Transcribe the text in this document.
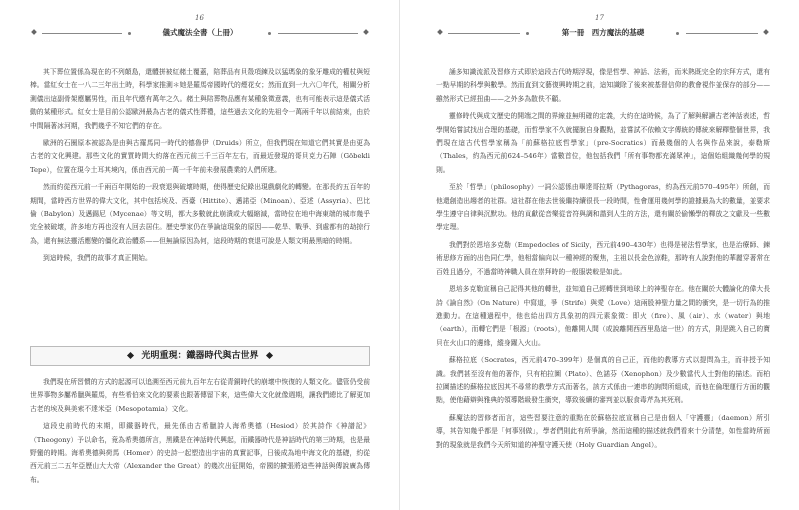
16
儀式魔法全書（上冊）

其下葬位置係為現在的不列顛島，還體拼被紅赭土覆蓋，陪葬品有貝殼項鍊及以猛瑪象的象牙雕成的權杖與短棒。當紅女士在一八二三年出土時，科學家推測＊她是羅馬帝國時代的煙花女；然而直到一九六〇年代，相關分析測儀出這副骨架應屬男性，而且年代應有萬年之久。赭土與陪葬物品應有某種象徵意義，也有可能表示這是儀式活動的某種形式。紅女士是目前公認歐洲最為古老的儀式性葬禮，這些過去文化的先祖令一萬兩千年以前結束，由於中間隔著冰河期，我們幾乎不知它們的存在。

歐洲的石圈原本被認為是由與古羅馬同一時代的德魯伊（Druids）所立，但我們現在知道它們其實是由更為古老的文化興建。那些文化的實質時間大約落在西元前三千三百年左右，而最近發現的哥貝克力石陣（Göbekli Tepe），位置在現今土耳其境內，係由西元前一萬一千年前未發展農業的人們所建。

然而約從西元前一千兩百年開始的一段衰退與破壞時期，使得歷史紀錄出現戲劇化的轉變。在那長約五百年的期間，當時西方世界的偉大文化，其中包括埃及、西臺（Hittite）、邁諾亞（Minoan）、亞述（Assyria）、巴比倫（Babylon）及邁錫尼（Mycenae）等文明，都大多數就此崩潰或大幅縮減，當時位在地中海東端的城市幾乎完全被破壞，許多地方再也沒有人回去居住。歷史學家仍在爭論這現象的原因——乾旱、戰爭、到處都有的劫掠行為，還有無法靈活應變的僵化政治體系——但無論原因為何，這段時期的衰退可說是人類文明最黑暗的時期。

到這時候，我們的故事才真正開始。

光明重現：鐵器時代與古世界

我們現在所習慣的方式的起源可以追溯至西元前九百年左右從青銅時代的崩壞中恢復的人類文化。儘管仍受前世界事物多屬希臘與羅馬，有些希伯來文化的要素也跟著傳留下來，這些偉大文化就像週期，讓我們總比了解更加古老的埃及與美索不達米亞（Mesopotamia）文化。

這段史前時代的末期，即鐵器時代，最先係由古希臘詩人海希奧德（Hesiod）於其詩作《神譜記》（Theogony）予以命名，竟為希奧德所言，黑鐵是在神話時代興起，而鐵器時代是神話時代的第三時期，也是最野蠻的時期。海希奧德與荷馬（Homer）的史詩一起塑造出宇宙的真實記事，日後成為地中海文化的基礎，約從西元前三二五年亞歷山大大帝（Alexander the Great）的幾次出征開始，帝國的擴張將這些神話與傳說廣為傳布。

17
第一冊　西方魔法的基礎

誦多知識流派及習修方式即於這段古代時期浮現，像是哲學、神話、法術，而米熱既完全的宗拜方式，還有一點早期的科學與數學。然而直到文藝復興時期之前，這知識除了後來被基督信仰的教會視作並保存的部分——雖然形式已經扭曲——之外多為散佚不顧。

靈修時代與成文歷史的開端之間的界線並無明確的定義，大約在這時候，為了了解與解讀古老神話表述，哲學開始嘗試找出合理的基礎，而哲學家不久就擺脫自身觀點，並嘗試不依賴文字傳統的傳統來解釋整個世界，我們現在這古代哲學家稱為「前蘇格拉底哲學家」（pre-Socratics）而最幾個的人名與作品來說，泰勒斯（Thales，約為西元前624–546年）當數首位，他包括我們「所有事物都充滿眾神」，這個始組織幾何學的規則。

至於「哲學」（philosophy）一詞公認係由畢達哥拉斯（Pythagoras，約為西元前570–495年）所創，而他還創造出趨者的社群。這社群在他去世後繼持續很長一段時間，性會運用幾何學的證據最為大的數量，並要求學生遵守自律與沉默功。他的貢獻從音樂從音符與調和諧到人生的方法，還有關於偷懶學的釋放之文獻及一些數學定理。

我們對於恩培多克勒（Empedocles of Sicily，西元前490–430年）也得是祕法哲學家，也是治療師、鍊術思修方面的出色同仁學，他相當偏向以一種神經的聚焦，主祖以長金色涼鞋，那時有人說對他的華麗穿著常在百姓且過分，不過當時神職人員在崇拜時的一般服裝較是如此。

恩培多克勒宣稱自己記得其他的轉世，並知道自己經轉世到地球上的神聖存在。他在關於大體論化的偉大長詩《論自然》（On Nature）中寫道，爭（Strife）與愛（Love）這兩股神聖力量之間的衝突，是一切行為的推進動力。在這種過程中，他也給出四方具象初的四元素象徵：即火（fire）、風（air）、水（water）與地（earth），而轉它們是「根源」（roots），他離開人間（或說離開西西里島這一世）的方式，則是跳入自己的寶貝在火山口的邊緣，縱身躍入火山。

蘇格拉底（Socrates，西元前470–399年）是個真的自己正，而他的教導方式以提問為主，而非授予知識。我們甚至沒有他的著作，只有柏拉圖（Plato）、色諾芬（Xenophon）及少數當代人士對他的描述。而柏拉圖描述的蘇格拉底因其不尋常的教學方式而著名，該方式係由一連串的詢問所組成，而他在倫理運行方面的觀點，使他藉辯與雅典的領導階級發生衝突，導致後續的審判並以服食毒芹為其死刑。

蘇魔法的習修者而言，這些習要注意的重點在於蘇格拉底宣稱自己是由個人「守護靈」（daemon）所引導，其告知幾乎都是「何事別做」，學者們則此有所爭論，然而這種的描述就我們看來十分清楚，如性當時所面對的現象就是我們今天所知道的神聖守護天使（Holy Guardian Angel）。
